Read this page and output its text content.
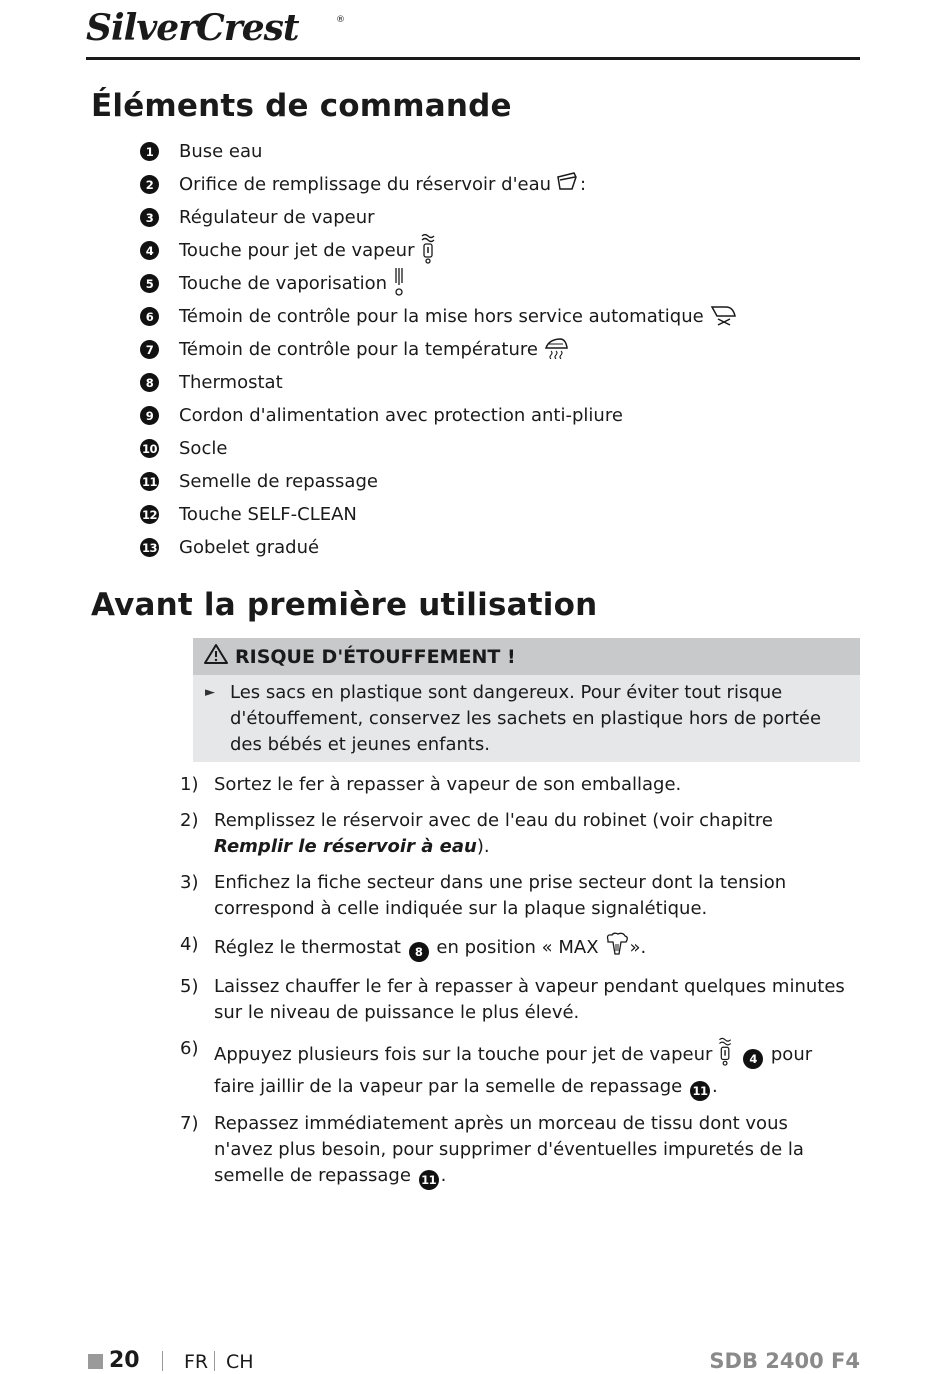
SilverCrest	®
Éléments de commande
1	Buse eau
2	Orifice de remplissage du réservoir d'eau :
3	Régulateur de vapeur
4	Touche pour jet de vapeur
5	Touche de vaporisation
6	Témoin de contrôle pour la mise hors service automatique
7	Témoin de contrôle pour la température
8	Thermostat
9	Cordon d'alimentation avec protection anti-pliure
10 Socle
11 Semelle de repassage
12 Touche SELF-CLEAN
13 Gobelet gradué
Avant la première utilisation
RISQUE D'ÉTOUFFEMENT !
► Les sacs en plastique sont dangereux. Pour éviter tout risque d'étouffement, conservez les sachets en plastique hors de portée des bébés et jeunes enfants.
1) Sortez le fer à repasser à vapeur de son emballage.
2) Remplissez le réservoir avec de l'eau du robinet (voir chapitre Remplir le réservoir à eau).
3) Enfichez la fiche secteur dans une prise secteur dont la tension correspond à celle indiquée sur la plaque signalétique.
4) Réglez le thermostat 8 en position « MAX ».
5) Laissez chauffer le fer à repasser à vapeur pendant quelques minutes sur le niveau de puissance le plus élevé.
6) Appuyez plusieurs fois sur la touche pour jet de vapeur	4 pour faire jaillir de la vapeur par la semelle de repassage 11 .
7) Repassez immédiatement après un morceau de tissu dont vous n'avez plus besoin, pour supprimer d'éventuelles impuretés de la semelle de repassage 11 .
20 FR CH	SDB 2400 F4
